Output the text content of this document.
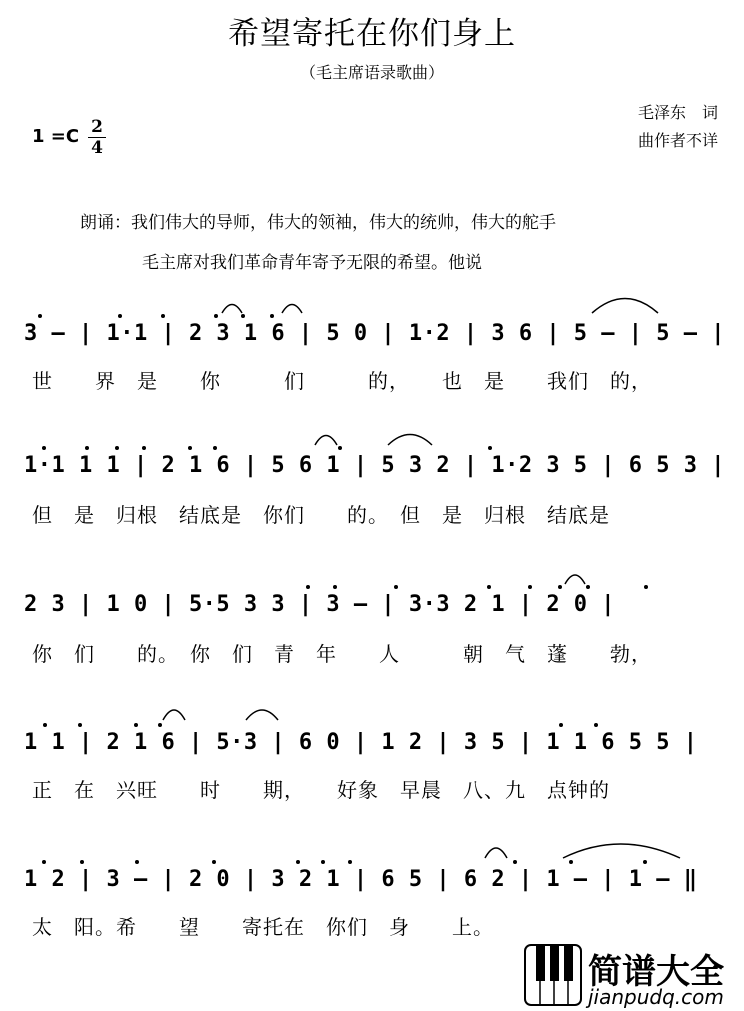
希望寄托在你们身上
（毛主席语录歌曲）
毛泽东　词
曲作者不详
1 =C 2
4
朗诵：我们伟大的导师，伟大的领袖，伟大的统帅，伟大的舵手
毛主席对我们革命青年寄予无限的希望。他说
3 – | 1·1 | 2 3 1 6 | 5 0 | 1·2 | 3 6 | 5 – | 5 – |
世　　界　是　　你　　　们　　　的，　　也　是　　我们　的，
1·1 1 1 | 2 1 6 | 5 6 1 | 5 3 2 | 1·2 3 5 | 6 5 3 |
但　是　归根　结底是　你们　　的。　但　是　归根　结底是
2 3 | 1 0 | 5·5 3 3 | 3 – | 3·3 2 1 | 2 0 |
你　们　　的。　你　们　青　年　　人　　　朝　气　蓬　　勃，
1 1 | 2 1 6 | 5·3 | 6 0 | 1 2 | 3 5 | 1 1 6 5 5 |
正　在　兴旺　　时　　期，　　好象　早晨　八、九　点钟的
1 2 | 3 – | 2 0 | 3 2 1 | 6 5 | 6 2 | 1 – | 1 – ‖
太　阳。希　　望　　寄托在　你们　身　　上。
简谱大全
jianpudq.com
